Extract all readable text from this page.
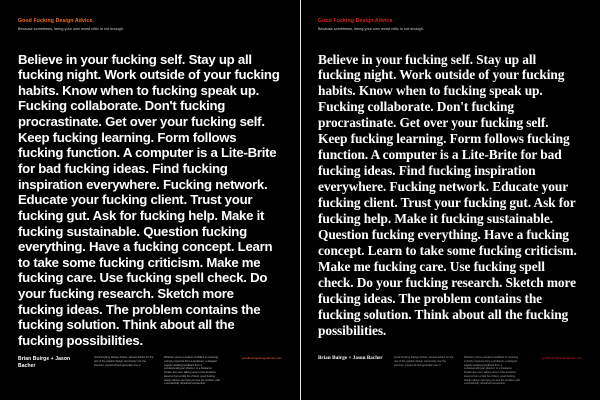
Good Fucking Design Advice.
Because sometimes, being your own worst critic is not enough.
Believe in your fucking self. Stay up all fucking night. Work outside of your fucking habits. Know when to fucking speak up. Fucking collaborate. Don't fucking procrastinate. Get over your fucking self. Keep fucking learning. Form follows fucking function. A computer is a Lite-Brite for bad fucking ideas. Find fucking inspiration everywhere. Fucking network. Educate your fucking client. Trust your fucking gut. Ask for fucking help. Make it fucking sustainable. Question fucking everything. Have a fucking concept. Learn to take some fucking criticism. Make me fucking care. Use fucking spell check. Do your fucking research. Sketch more fucking ideas. The problem contains the fucking solution. Think about all the fucking possibilities.
Brian Buirge + Jason Bacher
Good Fucking Design Advice. Honest advice for the rest of the graphic design community. For the insecure, pissed off and generally over-it.
Whether you're a student confident in receiving a timely response from a professor, a designer eagerly awaiting feedback from a condescending art director, or a freelance broken-ass soul, taking some in-the-trenches lessons from a little bit of blunt, good fucking design advice can help you see the problem with a wonderfully refreshed perspective.
goodfuckingdesignadvice.com
Good Fucking Design Advice.
Because sometimes, being your own worst critic is not enough.
Believe in your fucking self. Stay up all fucking night. Work outside of your fucking habits. Know when to fucking speak up. Fucking collaborate. Don't fucking procrastinate. Get over your fucking self. Keep fucking learning. Form follows fucking function. A computer is a Lite-Brite for bad fucking ideas. Find fucking inspiration everywhere. Fucking network. Educate your fucking client. Trust your fucking gut. Ask for fucking help. Make it fucking sustainable. Question fucking everything. Have a fucking concept. Learn to take some fucking criticism. Make me fucking care. Use fucking spell check. Do your fucking research. Sketch more fucking ideas. The problem contains the fucking solution. Think about all the fucking possibilities.
Brian Buirge + Jason Bacher	Good Fucking Design Advice. Honest advice for the rest of the graphic design community. For the insecure, pissed off and generally over-it.
Whether you're a student confident in receiving a timely response from a professor, a designer eagerly awaiting feedback from a condescending art director, or a freelance broken-ass soul, taking some in-the-trenches lessons from a little bit of blunt, good fucking design advice can help you see the problem with a wonderfully refreshed perspective.
goodfuckingdesignadvice.com
